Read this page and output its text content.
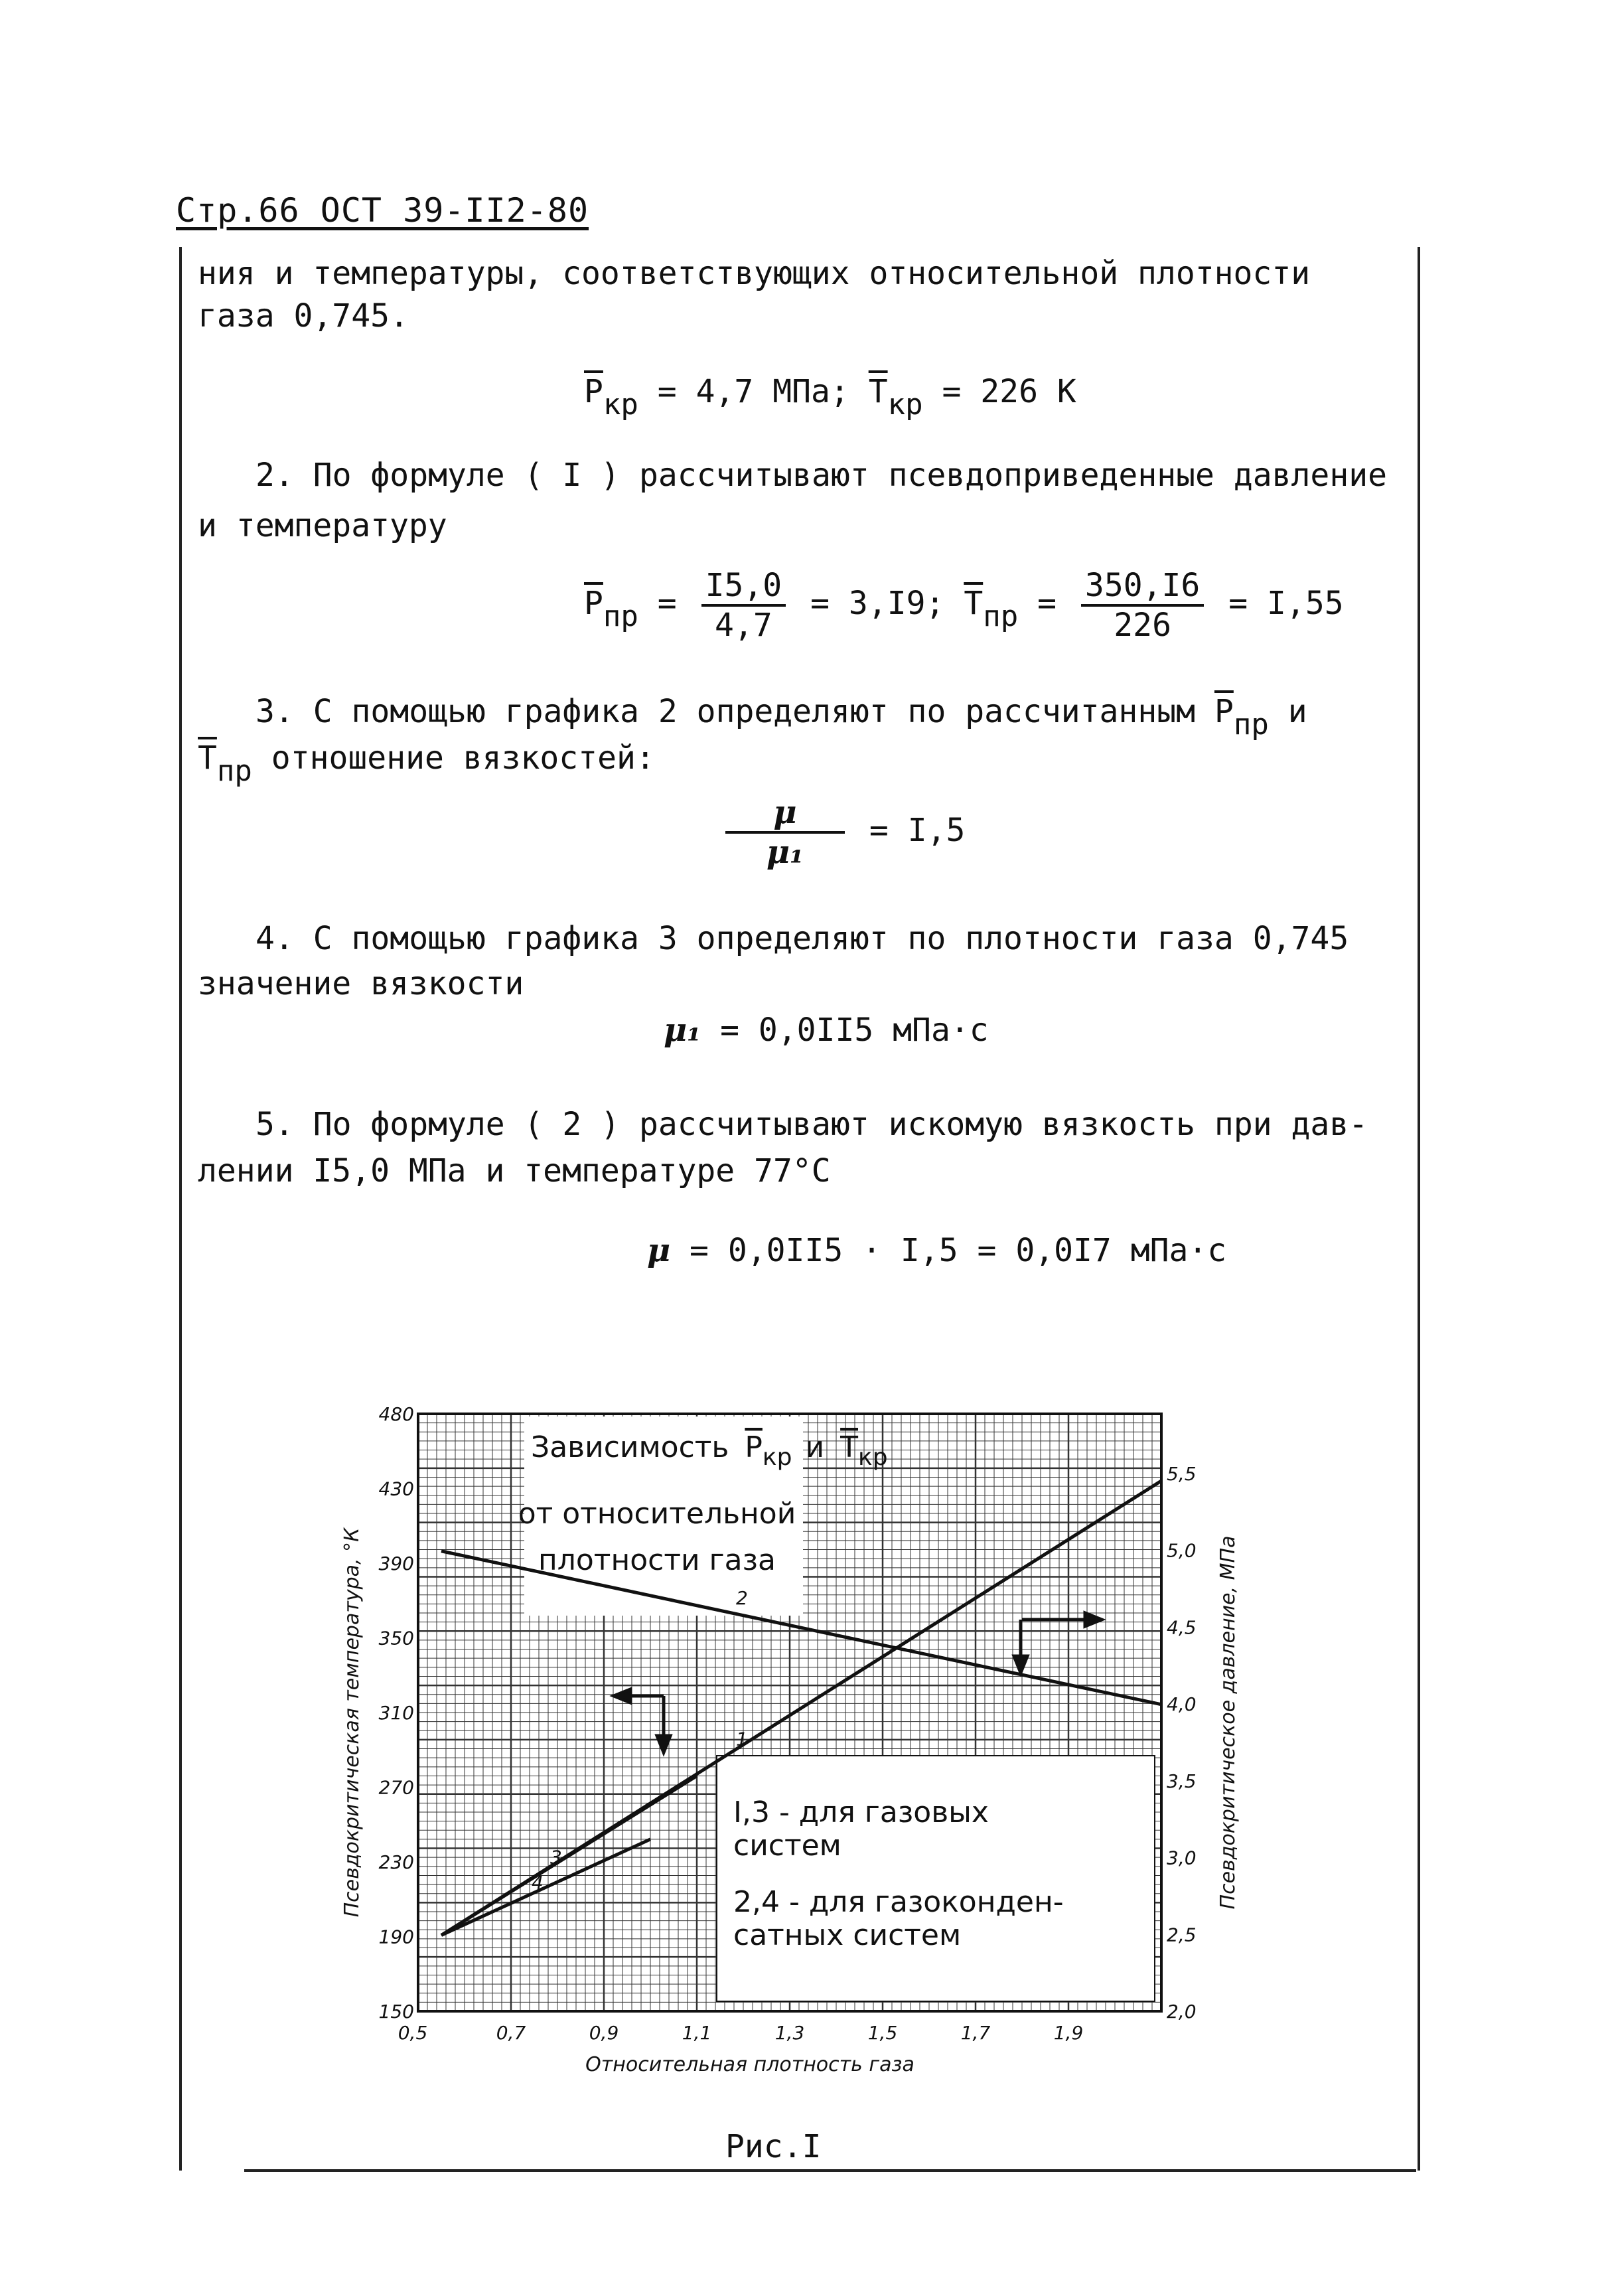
Стр.66 ОСТ 39-II2-80
ния и температуры, соответствующих относительной плотности
газа 0,745.
$\overline{P}кр = 4,7$ МПа; $\overline{T}кр = 226$ К
2. По формуле ( I ) рассчитывают псевдоприведенные давление
и температуру
$\overline{P}пр = \frac{I5,0}{4,7} = 3,I9$; $\overline{T}пр = \frac{350,I6}{226} = I,55$
3. С помощью графика 2 определяют по рассчитанным $\overline{P}пр$ и
$\overline{T}пр$ отношение вязкостей:
$\frac{\mu}{\text{μ₁}} = I,5$
4. С помощью графика 3 определяют по плотности газа 0,745
значение вязкости
μ₁ = 0,0II5 мПа·с
5. По формуле ( 2 ) рассчитывают искомую вязкость при дав-
лении I5,0 МПа и температуре 77°С
μ = 0,0II5 · I,5 = 0,0I7 мПа·с
Зависимость $P_{кр}$ и $T_{кр}$
от относительной
плотности газа
I,3 - для газовых
систем
2,4 - для газоконден-
сатных систем
1
2
3
4
0,5	0,7	0,9	1,1	1,3	1,5	1,7	1,9
480
430
390
350
310
270
230
190
150
5,5
5,0
4,5
4,0
3,5
3,0
2,5
2,0
Относительная плотность газа
Псевдокритическая температура, °К	Псевдокритическое давление, МПа
Рис.I
